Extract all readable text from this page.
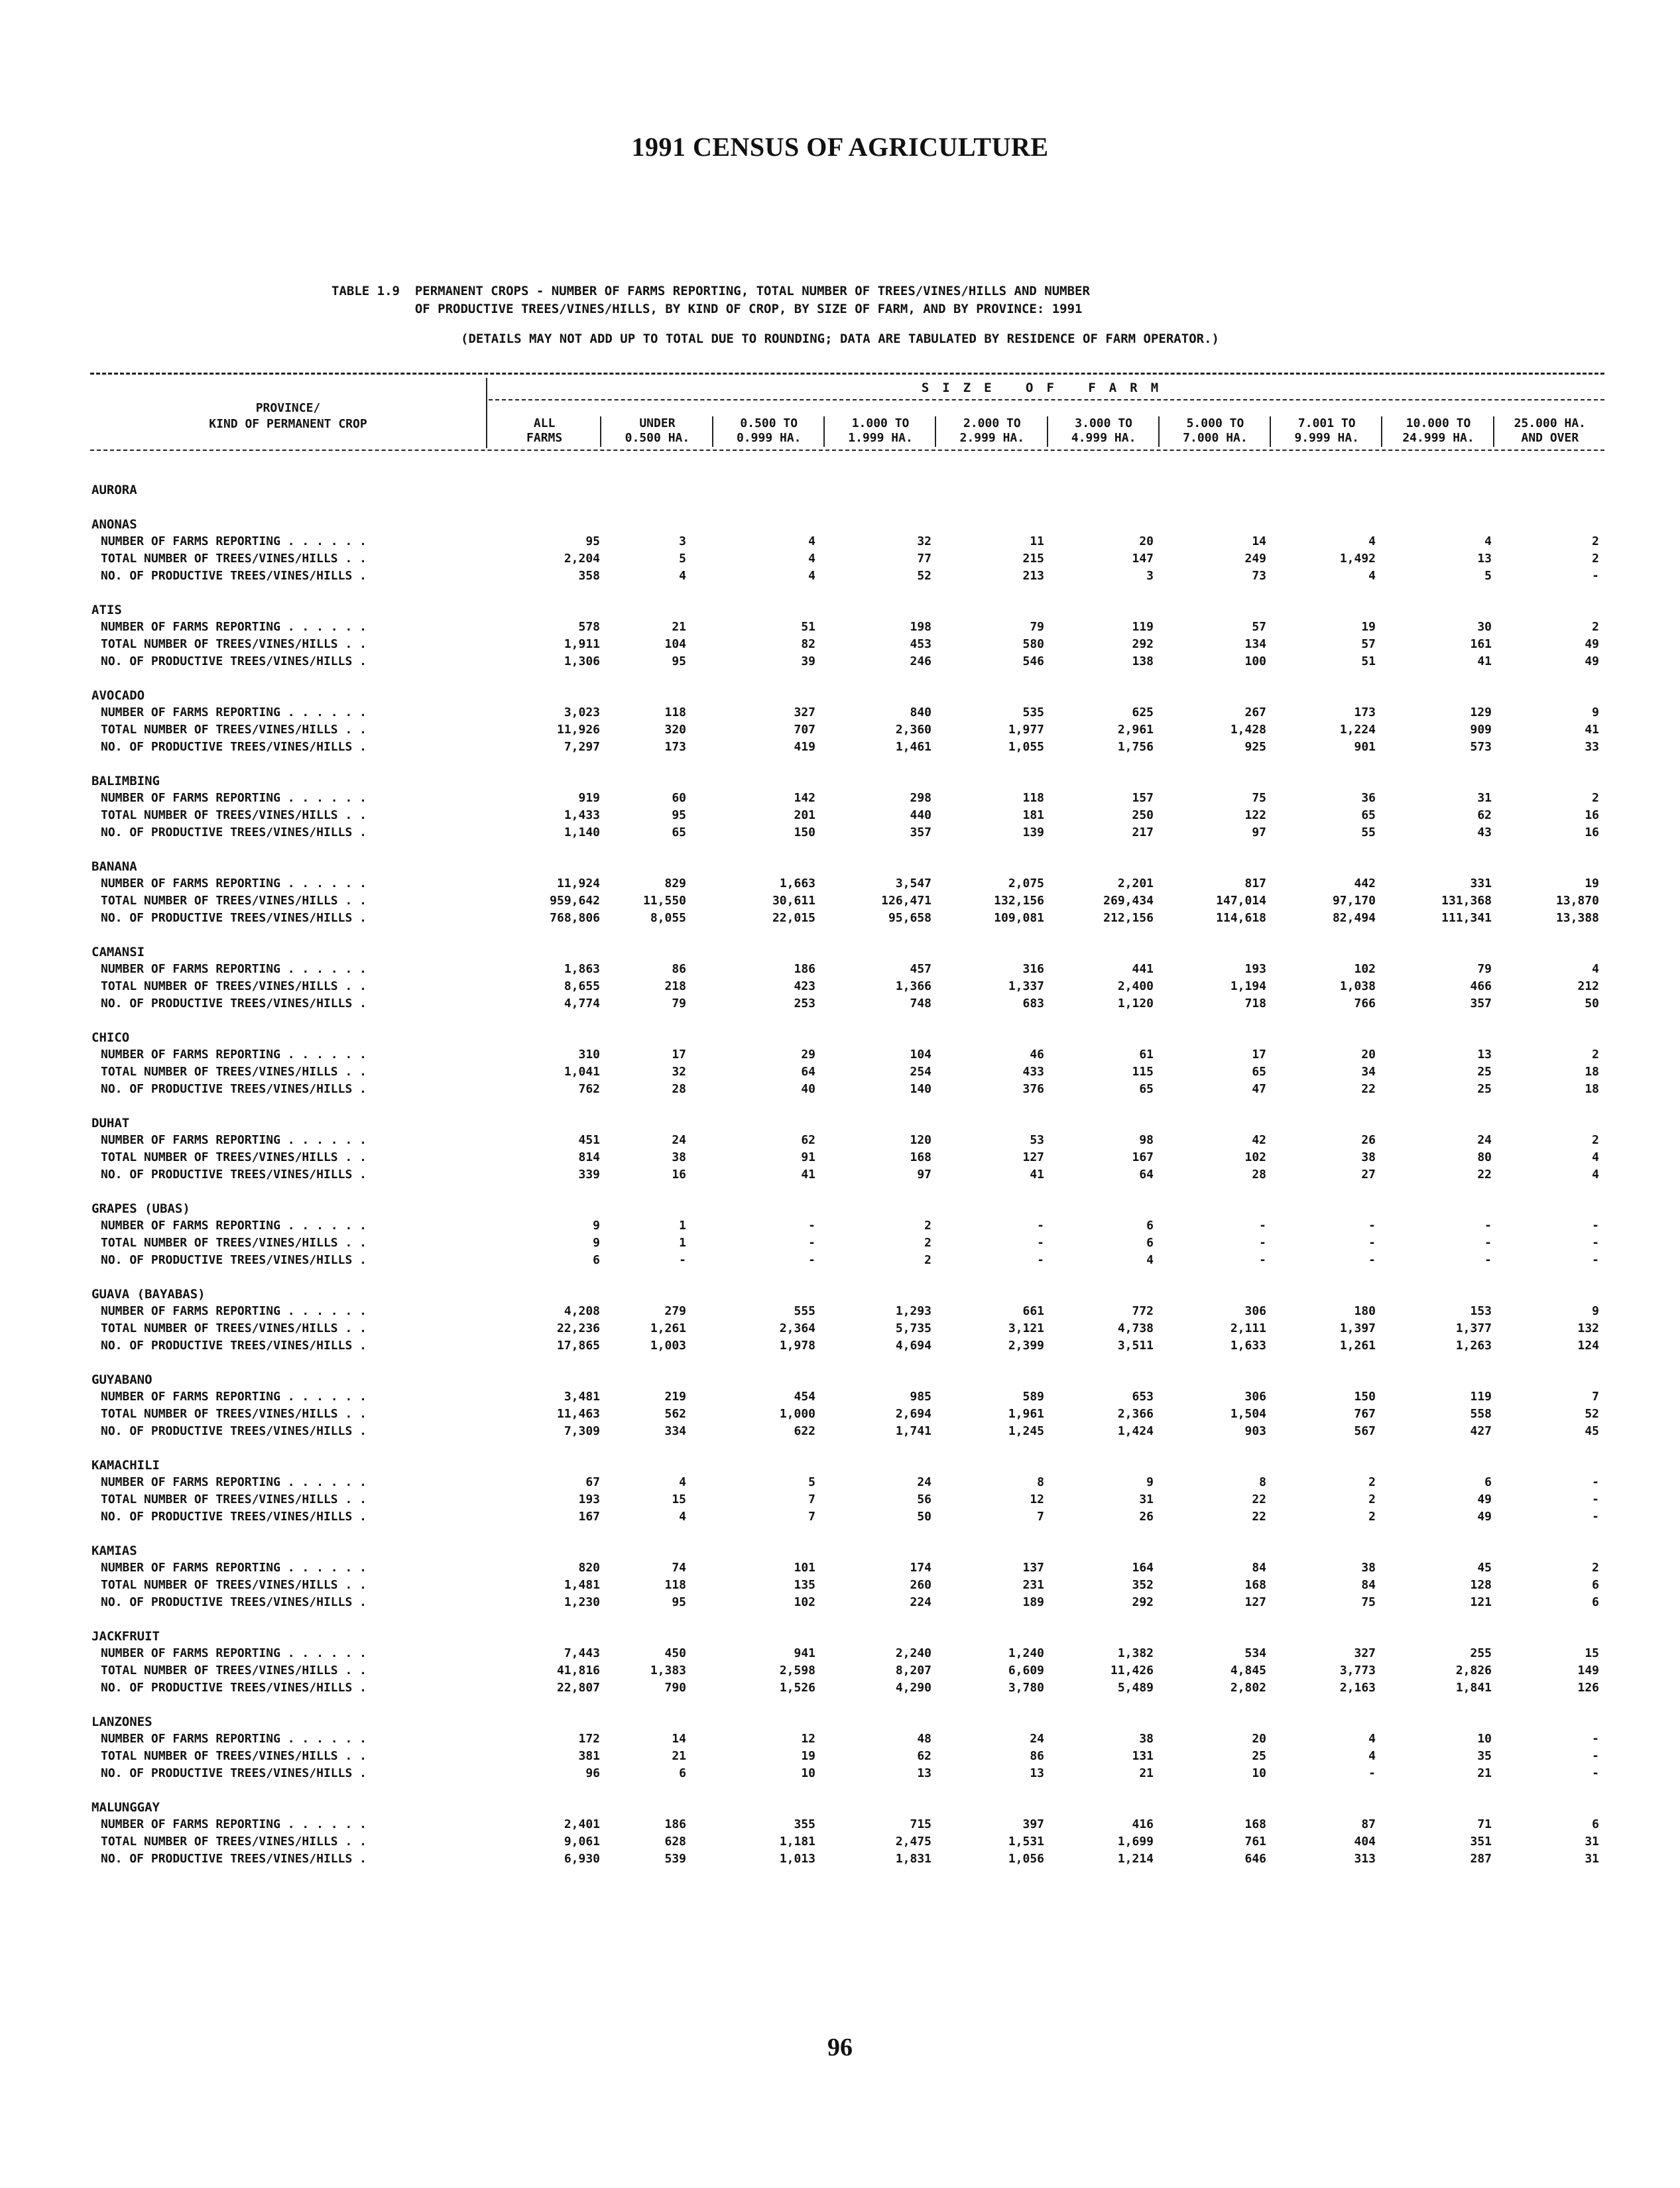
1991 CENSUS OF AGRICULTURE
TABLE 1.9  PERMANENT CROPS - NUMBER OF FARMS REPORTING, TOTAL NUMBER OF TREES/VINES/HILLS AND NUMBER
OF PRODUCTIVE TREES/VINES/HILLS, BY KIND OF CROP, BY SIZE OF FARM, AND BY PROVINCE: 1991
(DETAILS MAY NOT ADD UP TO TOTAL DUE TO ROUNDING; DATA ARE TABULATED BY RESIDENCE OF FARM OPERATOR.)
PROVINCE/
KIND OF PERMANENT CROP
SIZE OF FARM
ALL
FARMS
UNDER
0.500 HA.
0.500 TO
0.999 HA.
1.000 TO
1.999 HA.
2.000 TO
2.999 HA.
3.000 TO
4.999 HA.
5.000 TO
7.000 HA.
7.001 TO
9.999 HA.
10.000 TO
24.999 HA.
25.000 HA.
AND OVER
AURORA
ANONAS
NUMBER OF FARMS REPORTING . . . . . .	95	3	4	32	11	20	14	4	4	2
TOTAL NUMBER OF TREES/VINES/HILLS . .	2,204	5	4	77	215	147	249	1,492	13	2
NO. OF PRODUCTIVE TREES/VINES/HILLS .	358	4	4	52	213	3	73	4	5	-
ATIS
NUMBER OF FARMS REPORTING . . . . . .	578	21	51	198	79	119	57	19	30	2
TOTAL NUMBER OF TREES/VINES/HILLS . .	1,911	104	82	453	580	292	134	57	161	49
NO. OF PRODUCTIVE TREES/VINES/HILLS .	1,306	95	39	246	546	138	100	51	41	49
AVOCADO
NUMBER OF FARMS REPORTING . . . . . .	3,023	118	327	840	535	625	267	173	129	9
TOTAL NUMBER OF TREES/VINES/HILLS . .	11,926	320	707	2,360	1,977	2,961	1,428	1,224	909	41
NO. OF PRODUCTIVE TREES/VINES/HILLS .	7,297	173	419	1,461	1,055	1,756	925	901	573	33
BALIMBING
NUMBER OF FARMS REPORTING . . . . . .	919	60	142	298	118	157	75	36	31	2
TOTAL NUMBER OF TREES/VINES/HILLS . .	1,433	95	201	440	181	250	122	65	62	16
NO. OF PRODUCTIVE TREES/VINES/HILLS .	1,140	65	150	357	139	217	97	55	43	16
BANANA
NUMBER OF FARMS REPORTING . . . . . .	11,924	829	1,663	3,547	2,075	2,201	817	442	331	19
TOTAL NUMBER OF TREES/VINES/HILLS . .	959,642	11,550	30,611	126,471	132,156	269,434	147,014	97,170	131,368	13,870
NO. OF PRODUCTIVE TREES/VINES/HILLS .	768,806	8,055	22,015	95,658	109,081	212,156	114,618	82,494	111,341	13,388
CAMANSI
NUMBER OF FARMS REPORTING . . . . . .	1,863	86	186	457	316	441	193	102	79	4
TOTAL NUMBER OF TREES/VINES/HILLS . .	8,655	218	423	1,366	1,337	2,400	1,194	1,038	466	212
NO. OF PRODUCTIVE TREES/VINES/HILLS .	4,774	79	253	748	683	1,120	718	766	357	50
CHICO
NUMBER OF FARMS REPORTING . . . . . .	310	17	29	104	46	61	17	20	13	2
TOTAL NUMBER OF TREES/VINES/HILLS . .	1,041	32	64	254	433	115	65	34	25	18
NO. OF PRODUCTIVE TREES/VINES/HILLS .	762	28	40	140	376	65	47	22	25	18
DUHAT
NUMBER OF FARMS REPORTING . . . . . .	451	24	62	120	53	98	42	26	24	2
TOTAL NUMBER OF TREES/VINES/HILLS . .	814	38	91	168	127	167	102	38	80	4
NO. OF PRODUCTIVE TREES/VINES/HILLS .	339	16	41	97	41	64	28	27	22	4
GRAPES (UBAS)
NUMBER OF FARMS REPORTING . . . . . .	9	1	-	2	-	6	-	-	-	-
TOTAL NUMBER OF TREES/VINES/HILLS . .	9	1	-	2	-	6	-	-	-	-
NO. OF PRODUCTIVE TREES/VINES/HILLS .	6	-	-	2	-	4	-	-	-	-
GUAVA (BAYABAS)
NUMBER OF FARMS REPORTING . . . . . .	4,208	279	555	1,293	661	772	306	180	153	9
TOTAL NUMBER OF TREES/VINES/HILLS . .	22,236	1,261	2,364	5,735	3,121	4,738	2,111	1,397	1,377	132
NO. OF PRODUCTIVE TREES/VINES/HILLS .	17,865	1,003	1,978	4,694	2,399	3,511	1,633	1,261	1,263	124
GUYABANO
NUMBER OF FARMS REPORTING . . . . . .	3,481	219	454	985	589	653	306	150	119	7
TOTAL NUMBER OF TREES/VINES/HILLS . .	11,463	562	1,000	2,694	1,961	2,366	1,504	767	558	52
NO. OF PRODUCTIVE TREES/VINES/HILLS .	7,309	334	622	1,741	1,245	1,424	903	567	427	45
KAMACHILI
NUMBER OF FARMS REPORTING . . . . . .	67	4	5	24	8	9	8	2	6	-
TOTAL NUMBER OF TREES/VINES/HILLS . .	193	15	7	56	12	31	22	2	49	-
NO. OF PRODUCTIVE TREES/VINES/HILLS .	167	4	7	50	7	26	22	2	49	-
KAMIAS
NUMBER OF FARMS REPORTING . . . . . .	820	74	101	174	137	164	84	38	45	2
TOTAL NUMBER OF TREES/VINES/HILLS . .	1,481	118	135	260	231	352	168	84	128	6
NO. OF PRODUCTIVE TREES/VINES/HILLS .	1,230	95	102	224	189	292	127	75	121	6
JACKFRUIT
NUMBER OF FARMS REPORTING . . . . . .	7,443	450	941	2,240	1,240	1,382	534	327	255	15
TOTAL NUMBER OF TREES/VINES/HILLS . .	41,816	1,383	2,598	8,207	6,609	11,426	4,845	3,773	2,826	149
NO. OF PRODUCTIVE TREES/VINES/HILLS .	22,807	790	1,526	4,290	3,780	5,489	2,802	2,163	1,841	126
LANZONES
NUMBER OF FARMS REPORTING . . . . . .	172	14	12	48	24	38	20	4	10	-
TOTAL NUMBER OF TREES/VINES/HILLS . .	381	21	19	62	86	131	25	4	35	-
NO. OF PRODUCTIVE TREES/VINES/HILLS .	96	6	10	13	13	21	10	-	21	-
MALUNGGAY
NUMBER OF FARMS REPORTING . . . . . .	2,401	186	355	715	397	416	168	87	71	6
TOTAL NUMBER OF TREES/VINES/HILLS . .	9,061	628	1,181	2,475	1,531	1,699	761	404	351	31
NO. OF PRODUCTIVE TREES/VINES/HILLS .	6,930	539	1,013	1,831	1,056	1,214	646	313	287	31
96
